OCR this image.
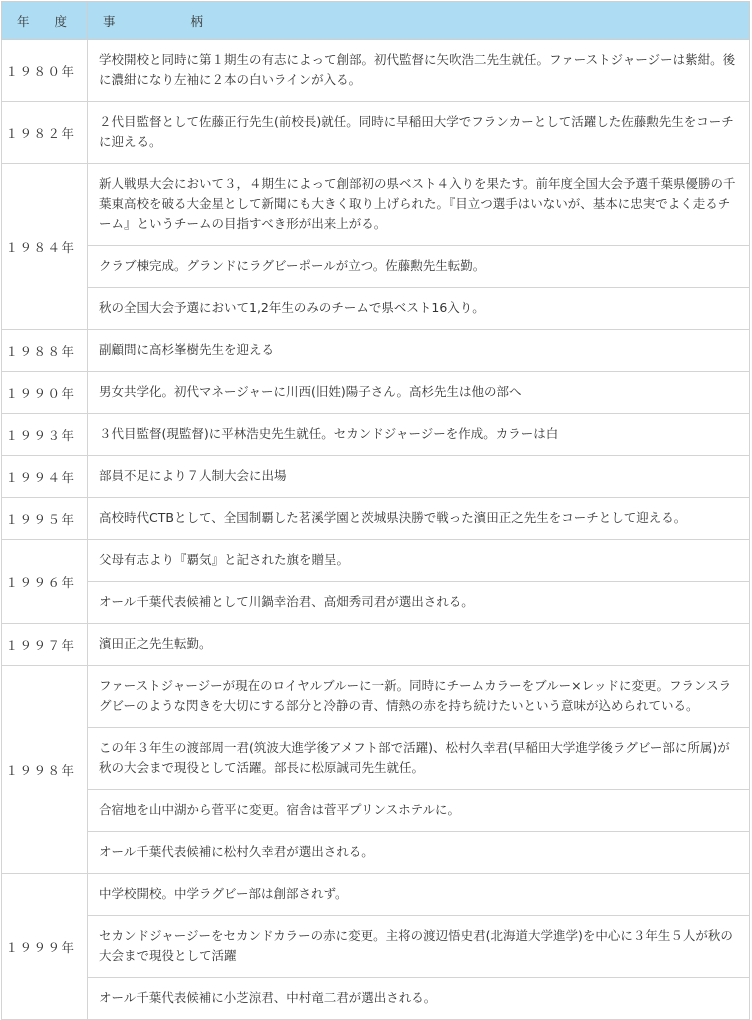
年　　度	事　　　　　　柄
１９８０年	学校開校と同時に第１期生の有志によって創部。初代監督に矢吹浩二先生就任。ファーストジャージーは紫紺。後に濃紺になり左袖に２本の白いラインが入る。
１９８２年	２代目監督として佐藤正行先生(前校長)就任。同時に早稲田大学でフランカーとして活躍した佐藤勲先生をコーチに迎える。
１９８４年	新人戦県大会において３，４期生によって創部初の県ベスト４入りを果たす。前年度全国大会予選千葉県優勝の千葉東高校を破る大金星として新聞にも大きく取り上げられた。『目立つ選手はいないが、基本に忠実でよく走るチーム』というチームの目指すべき形が出来上がる。
	クラブ棟完成。グランドにラグビーポールが立つ。佐藤勲先生転勤。
	秋の全国大会予選において1,2年生のみのチームで県ベスト16入り。
１９８８年	副顧問に高杉峯樹先生を迎える
１９９０年	男女共学化。初代マネージャーに川西(旧姓)陽子さん。高杉先生は他の部へ
１９９３年	３代目監督(現監督)に平林浩史先生就任。セカンドジャージーを作成。カラーは白
１９９４年	部員不足により７人制大会に出場
１９９５年	高校時代CTBとして、全国制覇した茗溪学園と茨城県決勝で戦った濱田正之先生をコーチとして迎える。
１９９６年	父母有志より『覇気』と記された旗を贈呈。
	オール千葉代表候補として川鍋幸治君、高畑秀司君が選出される。
１９９７年	濱田正之先生転勤。
１９９８年	ファーストジャージーが現在のロイヤルブルーに一新。同時にチームカラーをブルー×レッドに変更。フランスラグビーのような閃きを大切にする部分と冷静の青、情熱の赤を持ち続けたいという意味が込められている。
	この年３年生の渡部周一君(筑波大進学後アメフト部で活躍)、松村久幸君(早稲田大学進学後ラグビー部に所属)が秋の大会まで現役として活躍。部長に松原誠司先生就任。
	合宿地を山中湖から菅平に変更。宿舎は菅平プリンスホテルに。
	オール千葉代表候補に松村久幸君が選出される。
１９９９年	中学校開校。中学ラグビー部は創部されず。
	セカンドジャージーをセカンドカラーの赤に変更。主将の渡辺悟史君(北海道大学進学)を中心に３年生５人が秋の大会まで現役として活躍
	オール千葉代表候補に小芝涼君、中村竜二君が選出される。
